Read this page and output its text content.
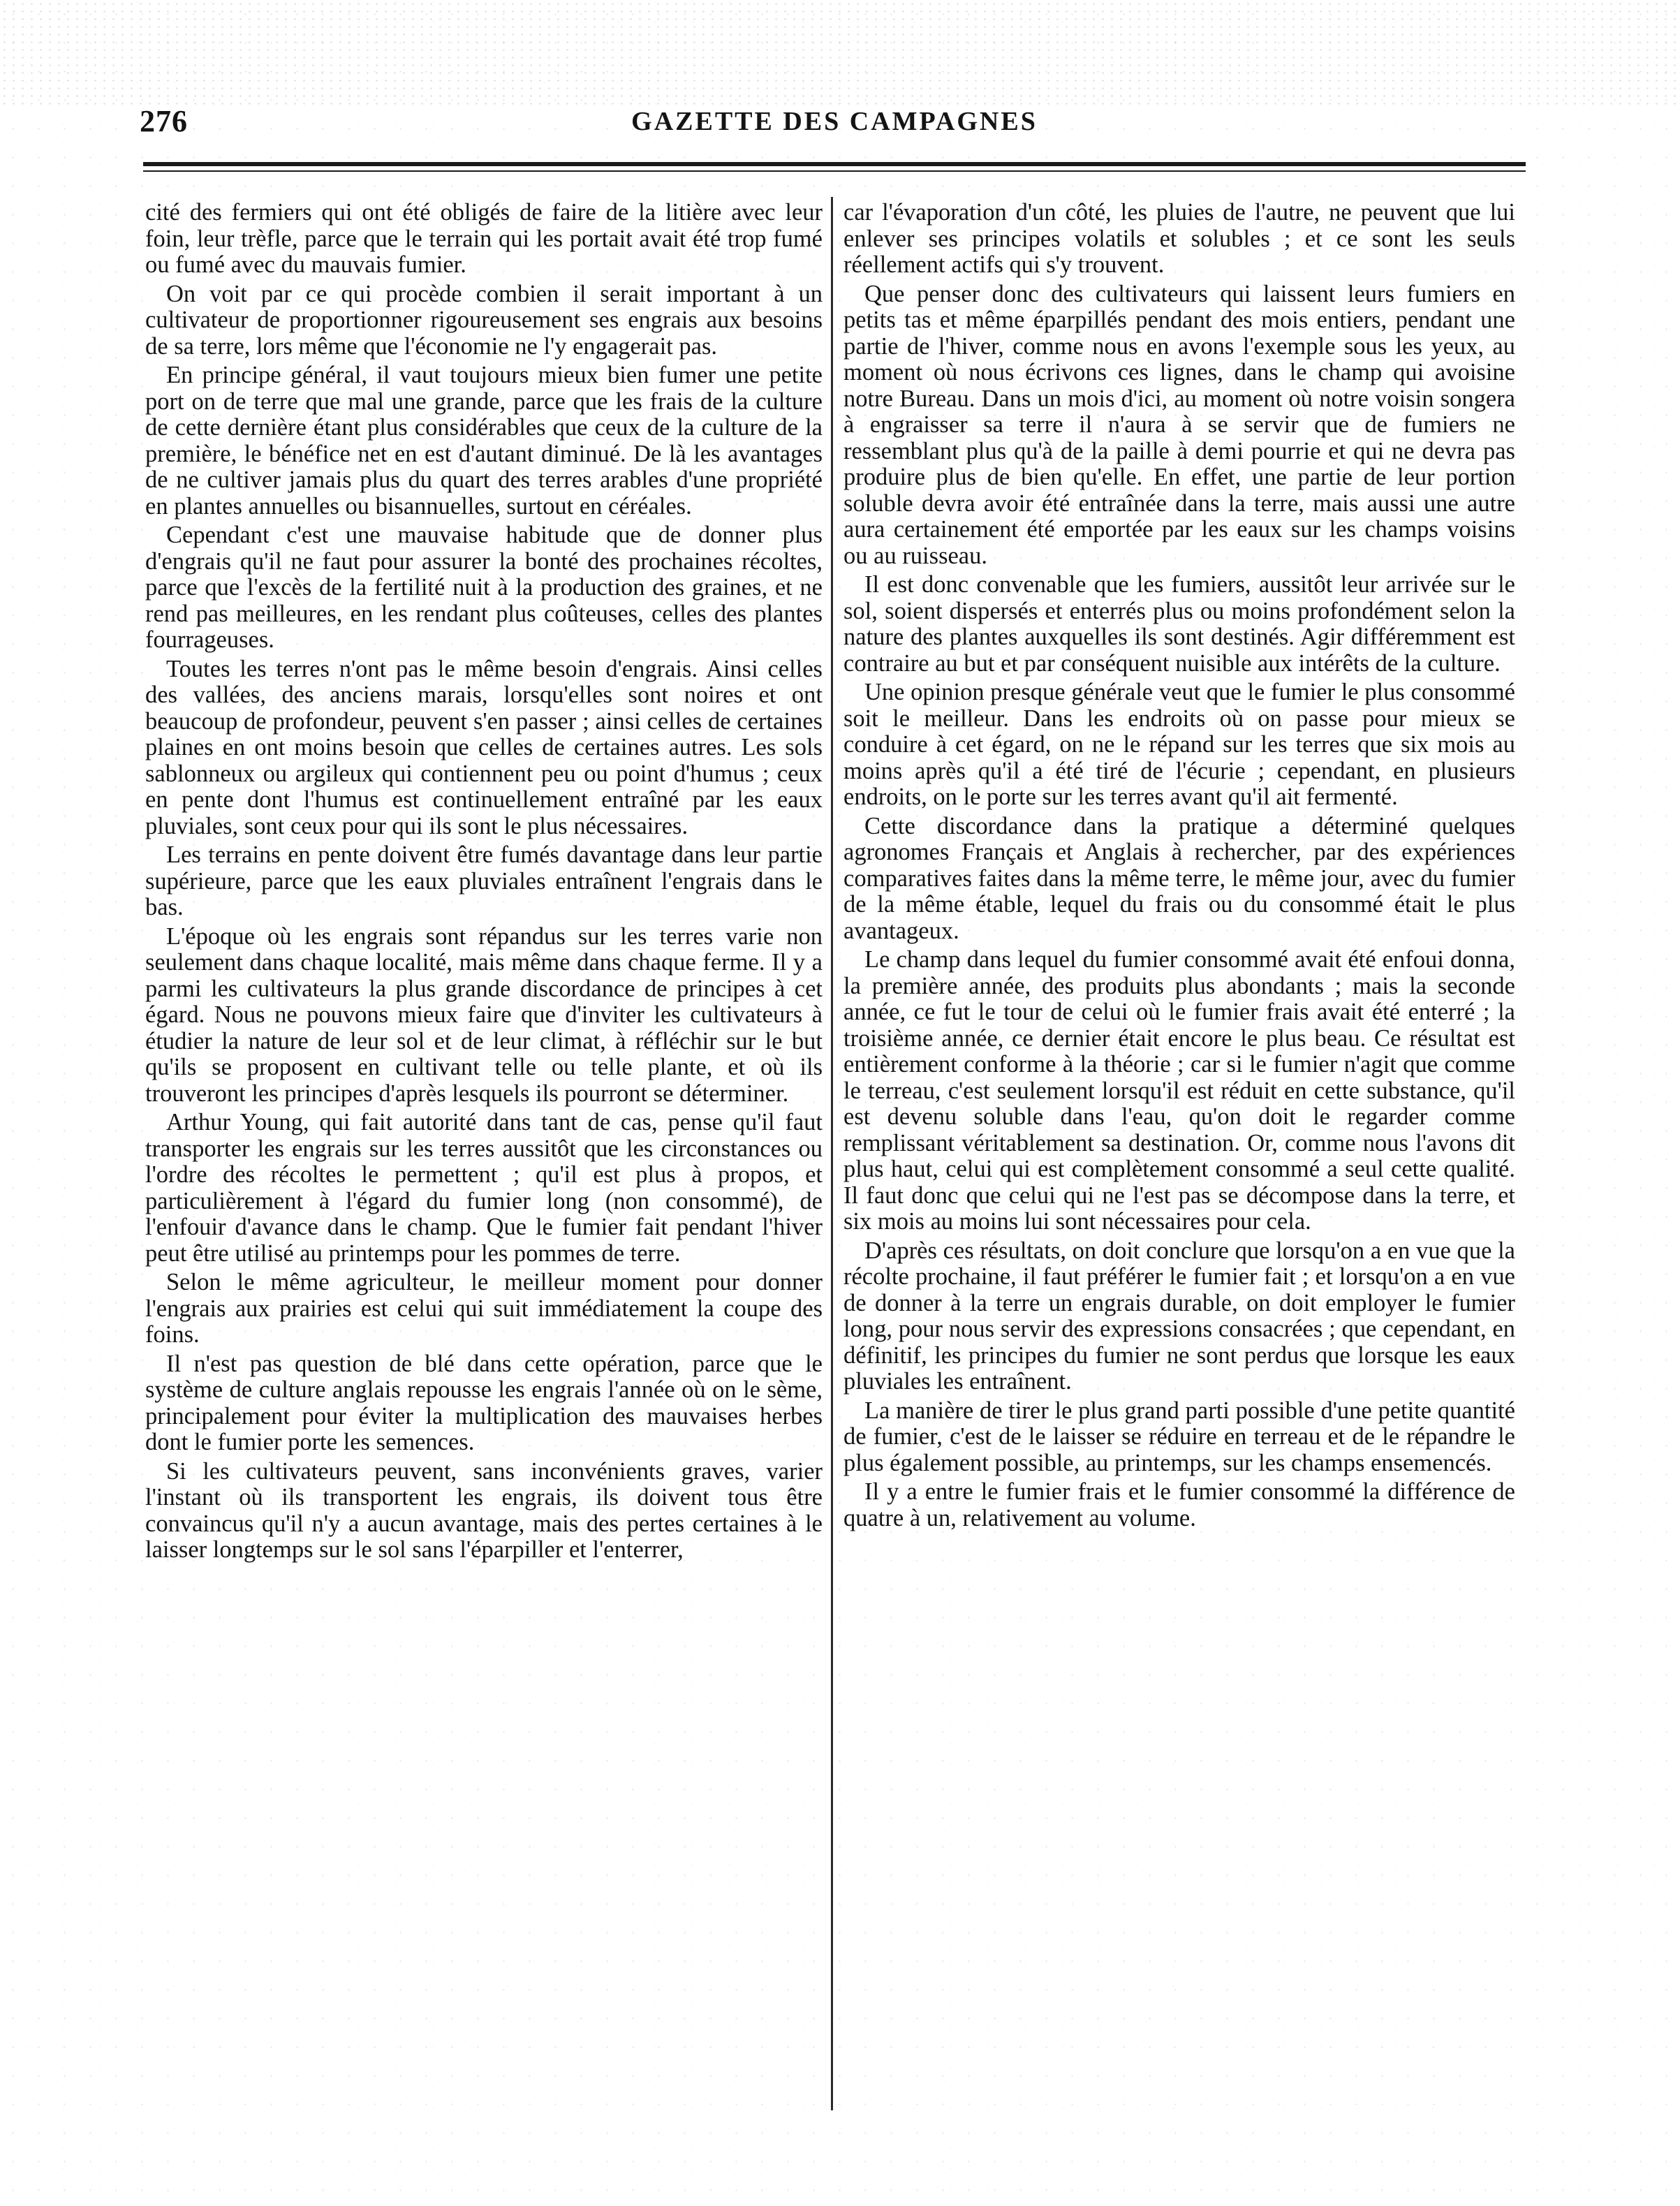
276	GAZETTE DES CAMPAGNES

cité des fermiers qui ont été obligés de faire de la litière avec leur foin, leur trèfle, parce que le terrain qui les portait avait été trop fumé ou fumé avec du mauvais fumier.

On voit par ce qui procède combien il serait important à un cultivateur de proportionner rigoureusement ses engrais aux besoins de sa terre, lors même que l'économie ne l'y engagerait pas.

En principe général, il vaut toujours mieux bien fumer une petite port on de terre que mal une grande, parce que les frais de la culture de cette dernière étant plus considérables que ceux de la culture de la première, le bénéfice net en est d'autant diminué. De là les avantages de ne cultiver jamais plus du quart des terres arables d'une propriété en plantes annuelles ou bisannuelles, surtout en céréales.

Cependant c'est une mauvaise habitude que de donner plus d'engrais qu'il ne faut pour assurer la bonté des prochaines récoltes, parce que l'excès de la fertilité nuit à la production des graines, et ne rend pas meilleures, en les rendant plus coûteuses, celles des plantes fourrageuses.

Toutes les terres n'ont pas le même besoin d'engrais. Ainsi celles des vallées, des anciens marais, lorsqu'elles sont noires et ont beaucoup de profondeur, peuvent s'en passer ; ainsi celles de certaines plaines en ont moins besoin que celles de certaines autres. Les sols sablonneux ou argileux qui contiennent peu ou point d'humus ; ceux en pente dont l'humus est continuellement entraîné par les eaux pluviales, sont ceux pour qui ils sont le plus nécessaires.

Les terrains en pente doivent être fumés davantage dans leur partie supérieure, parce que les eaux pluviales entraînent l'engrais dans le bas.

L'époque où les engrais sont répandus sur les terres varie non seulement dans chaque localité, mais même dans chaque ferme. Il y a parmi les cultivateurs la plus grande discordance de principes à cet égard. Nous ne pouvons mieux faire que d'inviter les cultivateurs à étudier la nature de leur sol et de leur climat, à réfléchir sur le but qu'ils se proposent en cultivant telle ou telle plante, et où ils trouveront les principes d'après lesquels ils pourront se déterminer.

Arthur Young, qui fait autorité dans tant de cas, pense qu'il faut transporter les engrais sur les terres aussitôt que les circonstances ou l'ordre des récoltes le permettent ; qu'il est plus à propos, et particulièrement à l'égard du fumier long (non consommé), de l'enfouir d'avance dans le champ. Que le fumier fait pendant l'hiver peut être utilisé au printemps pour les pommes de terre.

Selon le même agriculteur, le meilleur moment pour donner l'engrais aux prairies est celui qui suit immédiatement la coupe des foins.

Il n'est pas question de blé dans cette opération, parce que le système de culture anglais repousse les engrais l'année où on le sème, principalement pour éviter la multiplication des mauvaises herbes dont le fumier porte les semences.

Si les cultivateurs peuvent, sans inconvénients graves, varier l'instant où ils transportent les engrais, ils doivent tous être convaincus qu'il n'y a aucun avantage, mais des pertes certaines à le laisser longtemps sur le sol sans l'éparpiller et l'enterrer,

car l'évaporation d'un côté, les pluies de l'autre, ne peuvent que lui enlever ses principes volatils et solubles ; et ce sont les seuls réellement actifs qui s'y trouvent.

Que penser donc des cultivateurs qui laissent leurs fumiers en petits tas et même éparpillés pendant des mois entiers, pendant une partie de l'hiver, comme nous en avons l'exemple sous les yeux, au moment où nous écrivons ces lignes, dans le champ qui avoisine notre Bureau. Dans un mois d'ici, au moment où notre voisin songera à engraisser sa terre il n'aura à se servir que de fumiers ne ressemblant plus qu'à de la paille à demi pourrie et qui ne devra pas produire plus de bien qu'elle. En effet, une partie de leur portion soluble devra avoir été entraînée dans la terre, mais aussi une autre aura certainement été emportée par les eaux sur les champs voisins ou au ruisseau.

Il est donc convenable que les fumiers, aussitôt leur arrivée sur le sol, soient dispersés et enterrés plus ou moins profondément selon la nature des plantes auxquelles ils sont destinés. Agir différemment est contraire au but et par conséquent nuisible aux intérêts de la culture.

Une opinion presque générale veut que le fumier le plus consommé soit le meilleur. Dans les endroits où on passe pour mieux se conduire à cet égard, on ne le répand sur les terres que six mois au moins après qu'il a été tiré de l'écurie ; cependant, en plusieurs endroits, on le porte sur les terres avant qu'il ait fermenté.

Cette discordance dans la pratique a déterminé quelques agronomes Français et Anglais à rechercher, par des expériences comparatives faites dans la même terre, le même jour, avec du fumier de la même étable, lequel du frais ou du consommé était le plus avantageux.

Le champ dans lequel du fumier consommé avait été enfoui donna, la première année, des produits plus abondants ; mais la seconde année, ce fut le tour de celui où le fumier frais avait été enterré ; la troisième année, ce dernier était encore le plus beau. Ce résultat est entièrement conforme à la théorie ; car si le fumier n'agit que comme le terreau, c'est seulement lorsqu'il est réduit en cette substance, qu'il est devenu soluble dans l'eau, qu'on doit le regarder comme remplissant véritablement sa destination. Or, comme nous l'avons dit plus haut, celui qui est complètement consommé a seul cette qualité. Il faut donc que celui qui ne l'est pas se décompose dans la terre, et six mois au moins lui sont nécessaires pour cela.

D'après ces résultats, on doit conclure que lorsqu'on a en vue que la récolte prochaine, il faut préférer le fumier fait ; et lorsqu'on a en vue de donner à la terre un engrais durable, on doit employer le fumier long, pour nous servir des expressions consacrées ; que cependant, en définitif, les principes du fumier ne sont perdus que lorsque les eaux pluviales les entraînent.

La manière de tirer le plus grand parti possible d'une petite quantité de fumier, c'est de le laisser se réduire en terreau et de le répandre le plus également possible, au printemps, sur les champs ensemencés.

Il y a entre le fumier frais et le fumier consommé la différence de quatre à un, relativement au volume.
